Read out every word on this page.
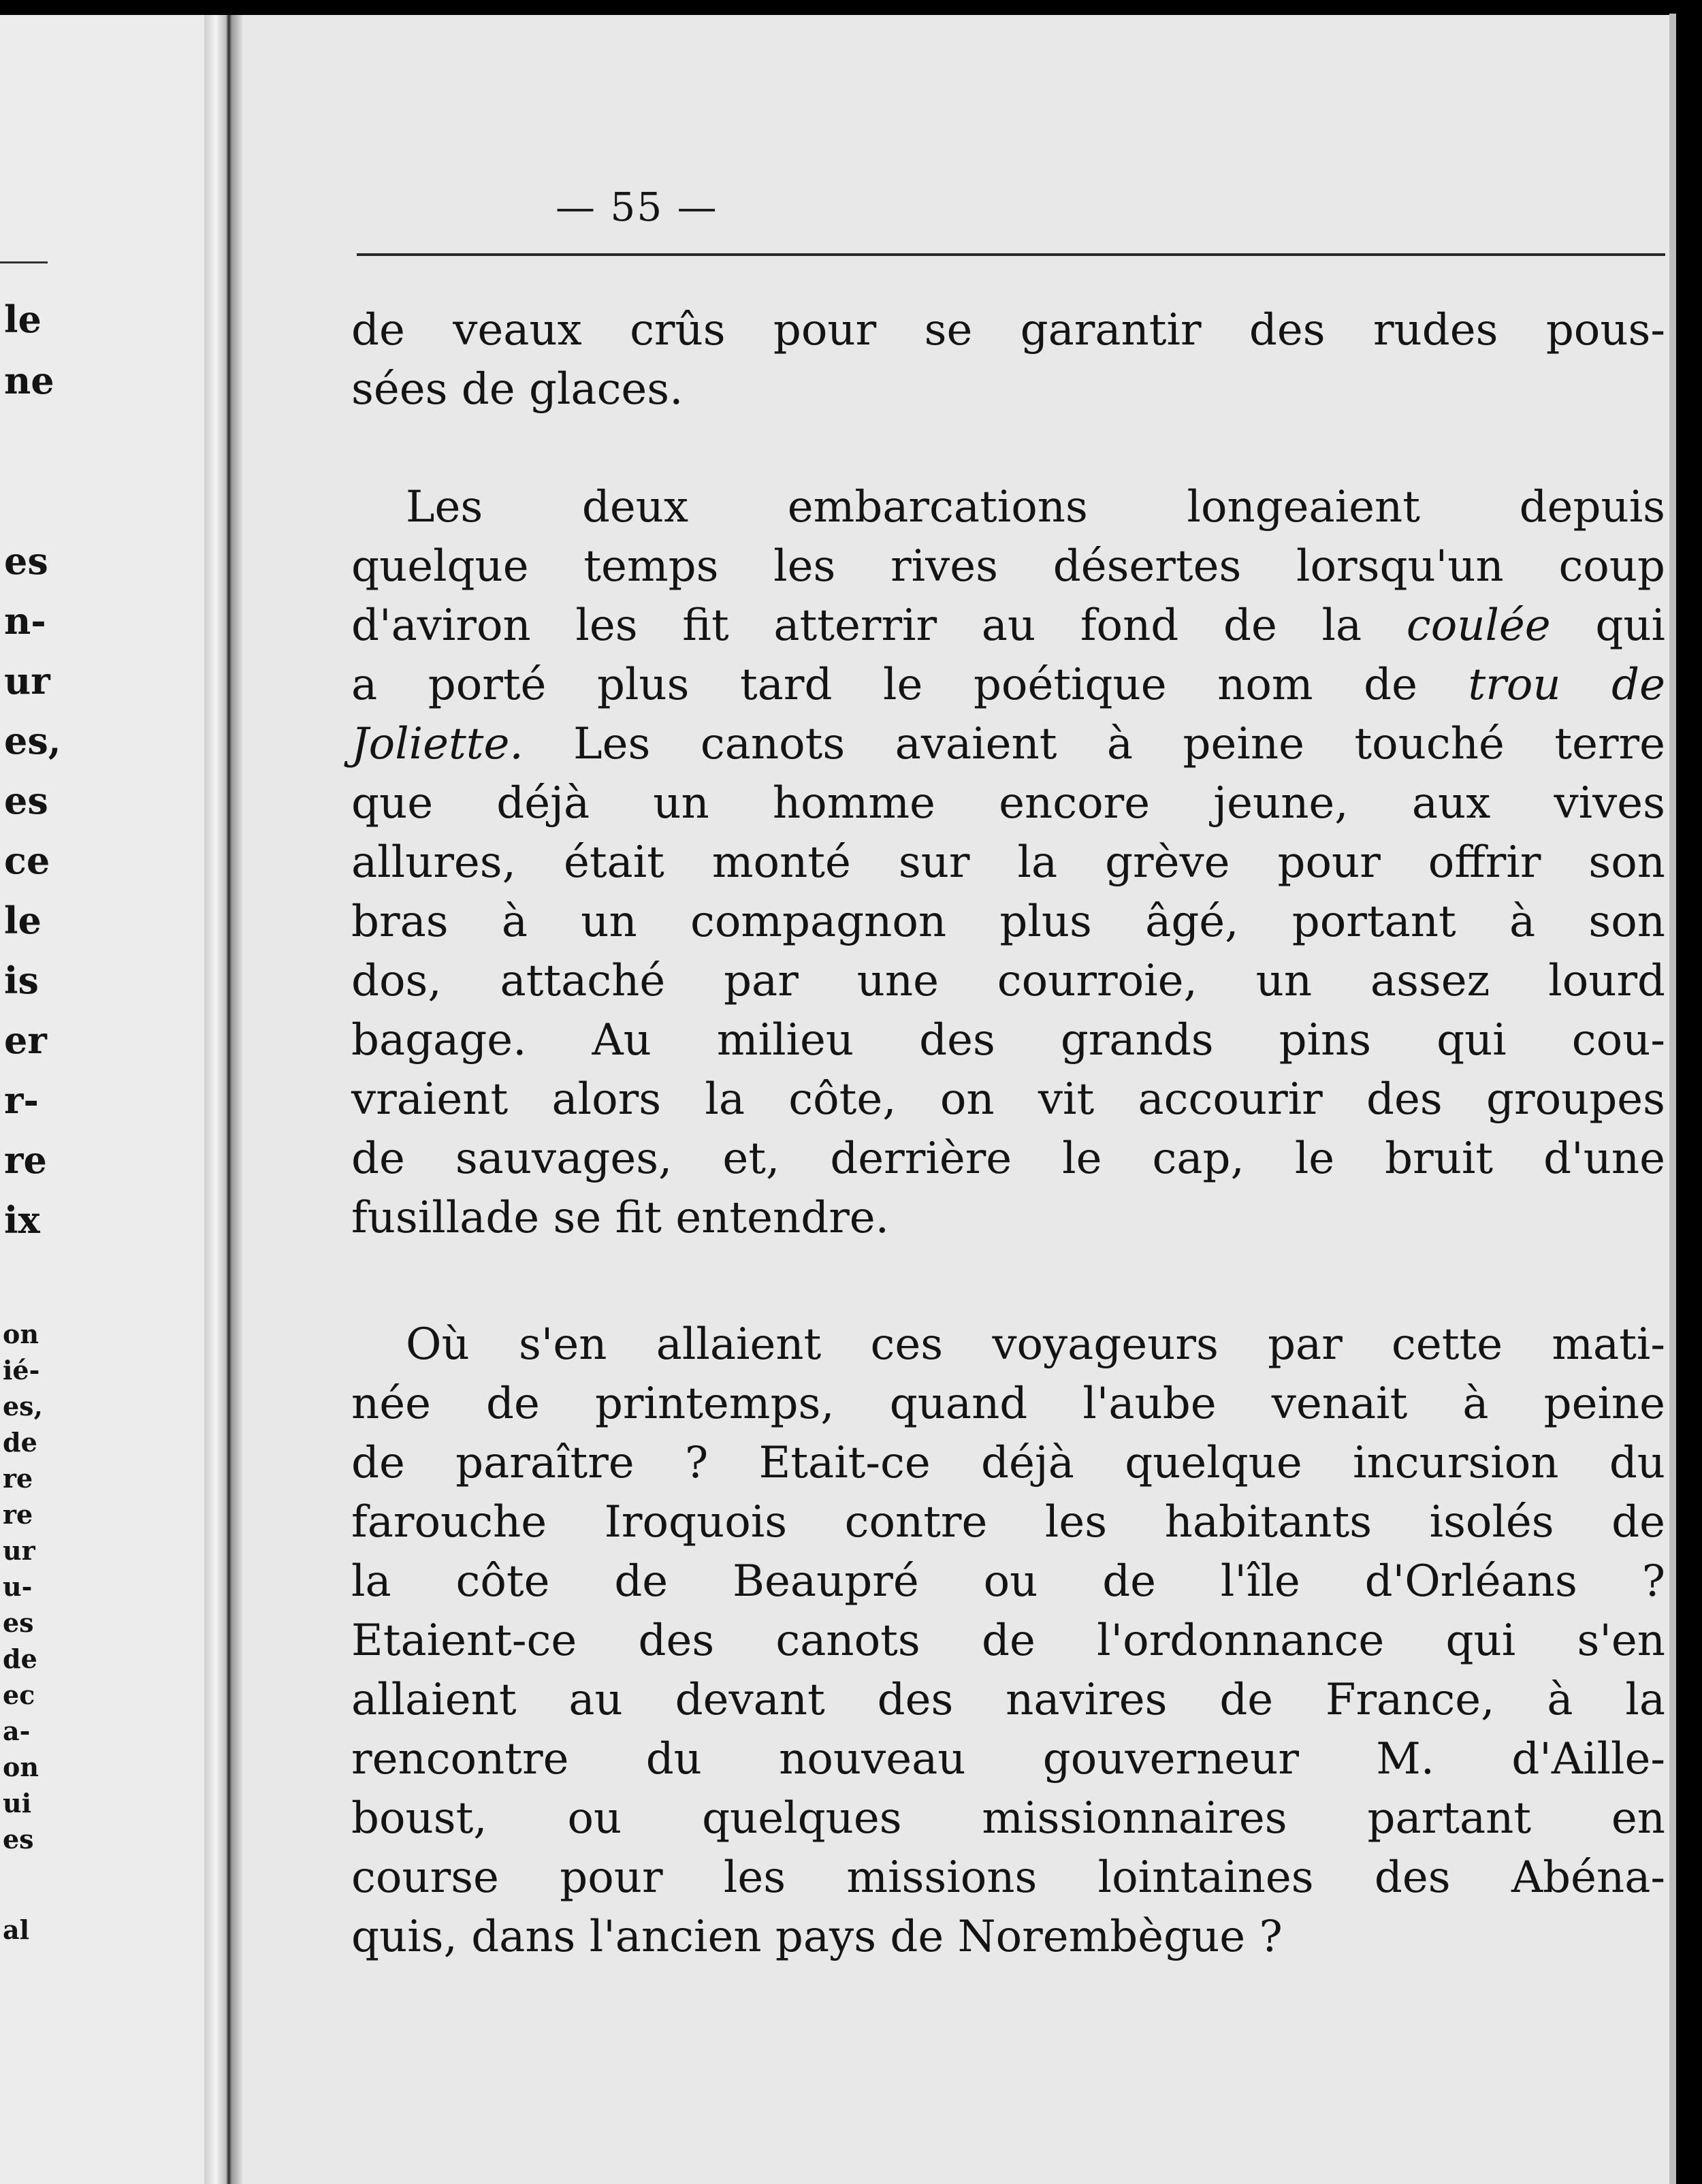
le
ne
es
n-
ur
es,
es
ce
le
is
er
r-
re
ix
on
ié-
es,
de
re
re
ur
u-
es
de
ec
a-
on
ui
es
al
— 55 —
de veaux crûs pour se garantir des rudes pous-
sées de glaces.
Les deux embarcations longeaient depuis
quelque temps les rives désertes lorsqu'un coup
d'aviron les fit atterrir au fond de la coulée qui
a porté plus tard le poétique nom de trou de
Joliette. Les canots avaient à peine touché terre
que déjà un homme encore jeune, aux vives
allures, était monté sur la grève pour offrir son
bras à un compagnon plus âgé, portant à son
dos, attaché par une courroie, un assez lourd
bagage. Au milieu des grands pins qui cou-
vraient alors la côte, on vit accourir des groupes
de sauvages, et, derrière le cap, le bruit d'une
fusillade se fit entendre.
Où s'en allaient ces voyageurs par cette mati-
née de printemps, quand l'aube venait à peine
de paraître ? Etait-ce déjà quelque incursion du
farouche Iroquois contre les habitants isolés de
la côte de Beaupré ou de l'île d'Orléans ?
Etaient-ce des canots de l'ordonnance qui s'en
allaient au devant des navires de France, à la
rencontre du nouveau gouverneur M. d'Aille-
boust, ou quelques missionnaires partant en
course pour les missions lointaines des Abéna-
quis, dans l'ancien pays de Norembègue ?
